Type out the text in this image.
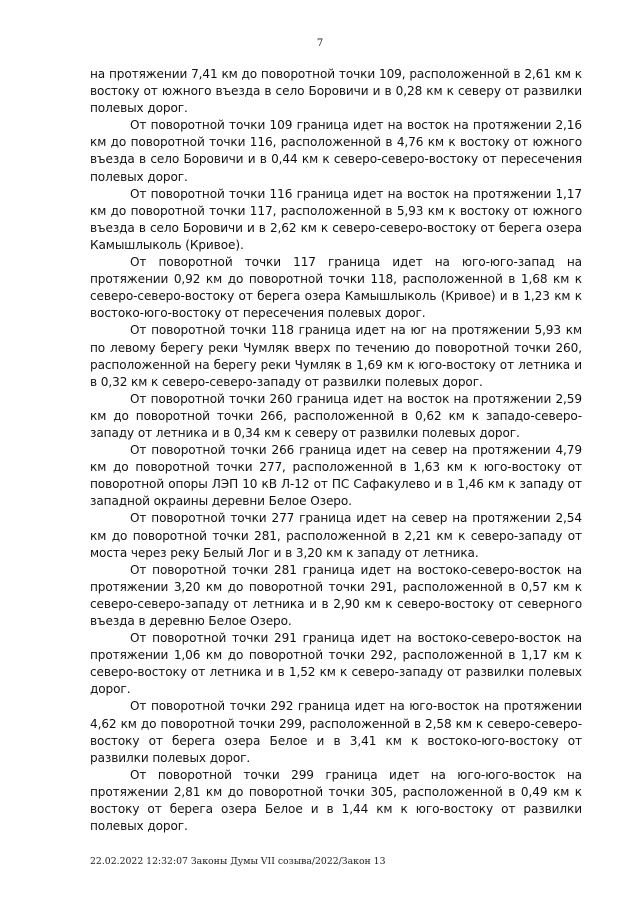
7

на протяжении 7,41 км до поворотной точки 109, расположенной в 2,61 км к востоку от южного въезда в село Боровичи и в 0,28 км к северу от развилки полевых дорог.

От поворотной точки 109 граница идет на восток на протяжении 2,16 км до поворотной точки 116, расположенной в 4,76 км к востоку от южного въезда в село Боровичи и в 0,44 км к северо-северо-востоку от пересечения полевых дорог.

От поворотной точки 116 граница идет на восток на протяжении 1,17 км до поворотной точки 117, расположенной в 5,93 км к востоку от южного въезда в село Боровичи и в 2,62 км к северо-северо-востоку от берега озера Камышлыколь (Кривое).

От поворотной точки 117 граница идет на юго-юго-запад на протяжении 0,92 км до поворотной точки 118, расположенной в 1,68 км к северо-северо-востоку от берега озера Камышлыколь (Кривое) и в 1,23 км к востоко-юго-востоку от пересечения полевых дорог.

От поворотной точки 118 граница идет на юг на протяжении 5,93 км по левому берегу реки Чумляк вверх по течению до поворотной точки 260, расположенной на берегу реки Чумляк в 1,69 км к юго-востоку от летника и в 0,32 км к северо-северо-западу от развилки полевых дорог.

От поворотной точки 260 граница идет на восток на протяжении 2,59 км до поворотной точки 266, расположенной в 0,62 км к западо-северо-западу от летника и в 0,34 км к северу от развилки полевых дорог.

От поворотной точки 266 граница идет на север на протяжении 4,79 км до поворотной точки 277, расположенной в 1,63 км к юго-востоку от поворотной опоры ЛЭП 10 кВ Л-12 от ПС Сафакулево и в 1,46 км к западу от западной окраины деревни Белое Озеро.

От поворотной точки 277 граница идет на север на протяжении 2,54 км до поворотной точки 281, расположенной в 2,21 км к северо-западу от моста через реку Белый Лог и в 3,20 км к западу от летника.

От поворотной точки 281 граница идет на востоко-северо-восток на протяжении 3,20 км до поворотной точки 291, расположенной в 0,57 км к северо-северо-западу от летника и в 2,90 км к северо-востоку от северного въезда в деревню Белое Озеро.

От поворотной точки 291 граница идет на востоко-северо-восток на протяжении 1,06 км до поворотной точки 292, расположенной в 1,17 км к северо-востоку от летника и в 1,52 км к северо-западу от развилки полевых дорог.

От поворотной точки 292 граница идет на юго-восток на протяжении 4,62 км до поворотной точки 299, расположенной в 2,58 км к северо-северо-востоку от берега озера Белое и в 3,41 км к востоко-юго-востоку от развилки полевых дорог.

От поворотной точки 299 граница идет на юго-юго-восток на протяжении 2,81 км до поворотной точки 305, расположенной в 0,49 км к востоку от берега озера Белое и в 1,44 км к юго-востоку от развилки полевых дорог.

22.02.2022 12:32:07 Законы Думы VII созыва/2022/Закон 13
